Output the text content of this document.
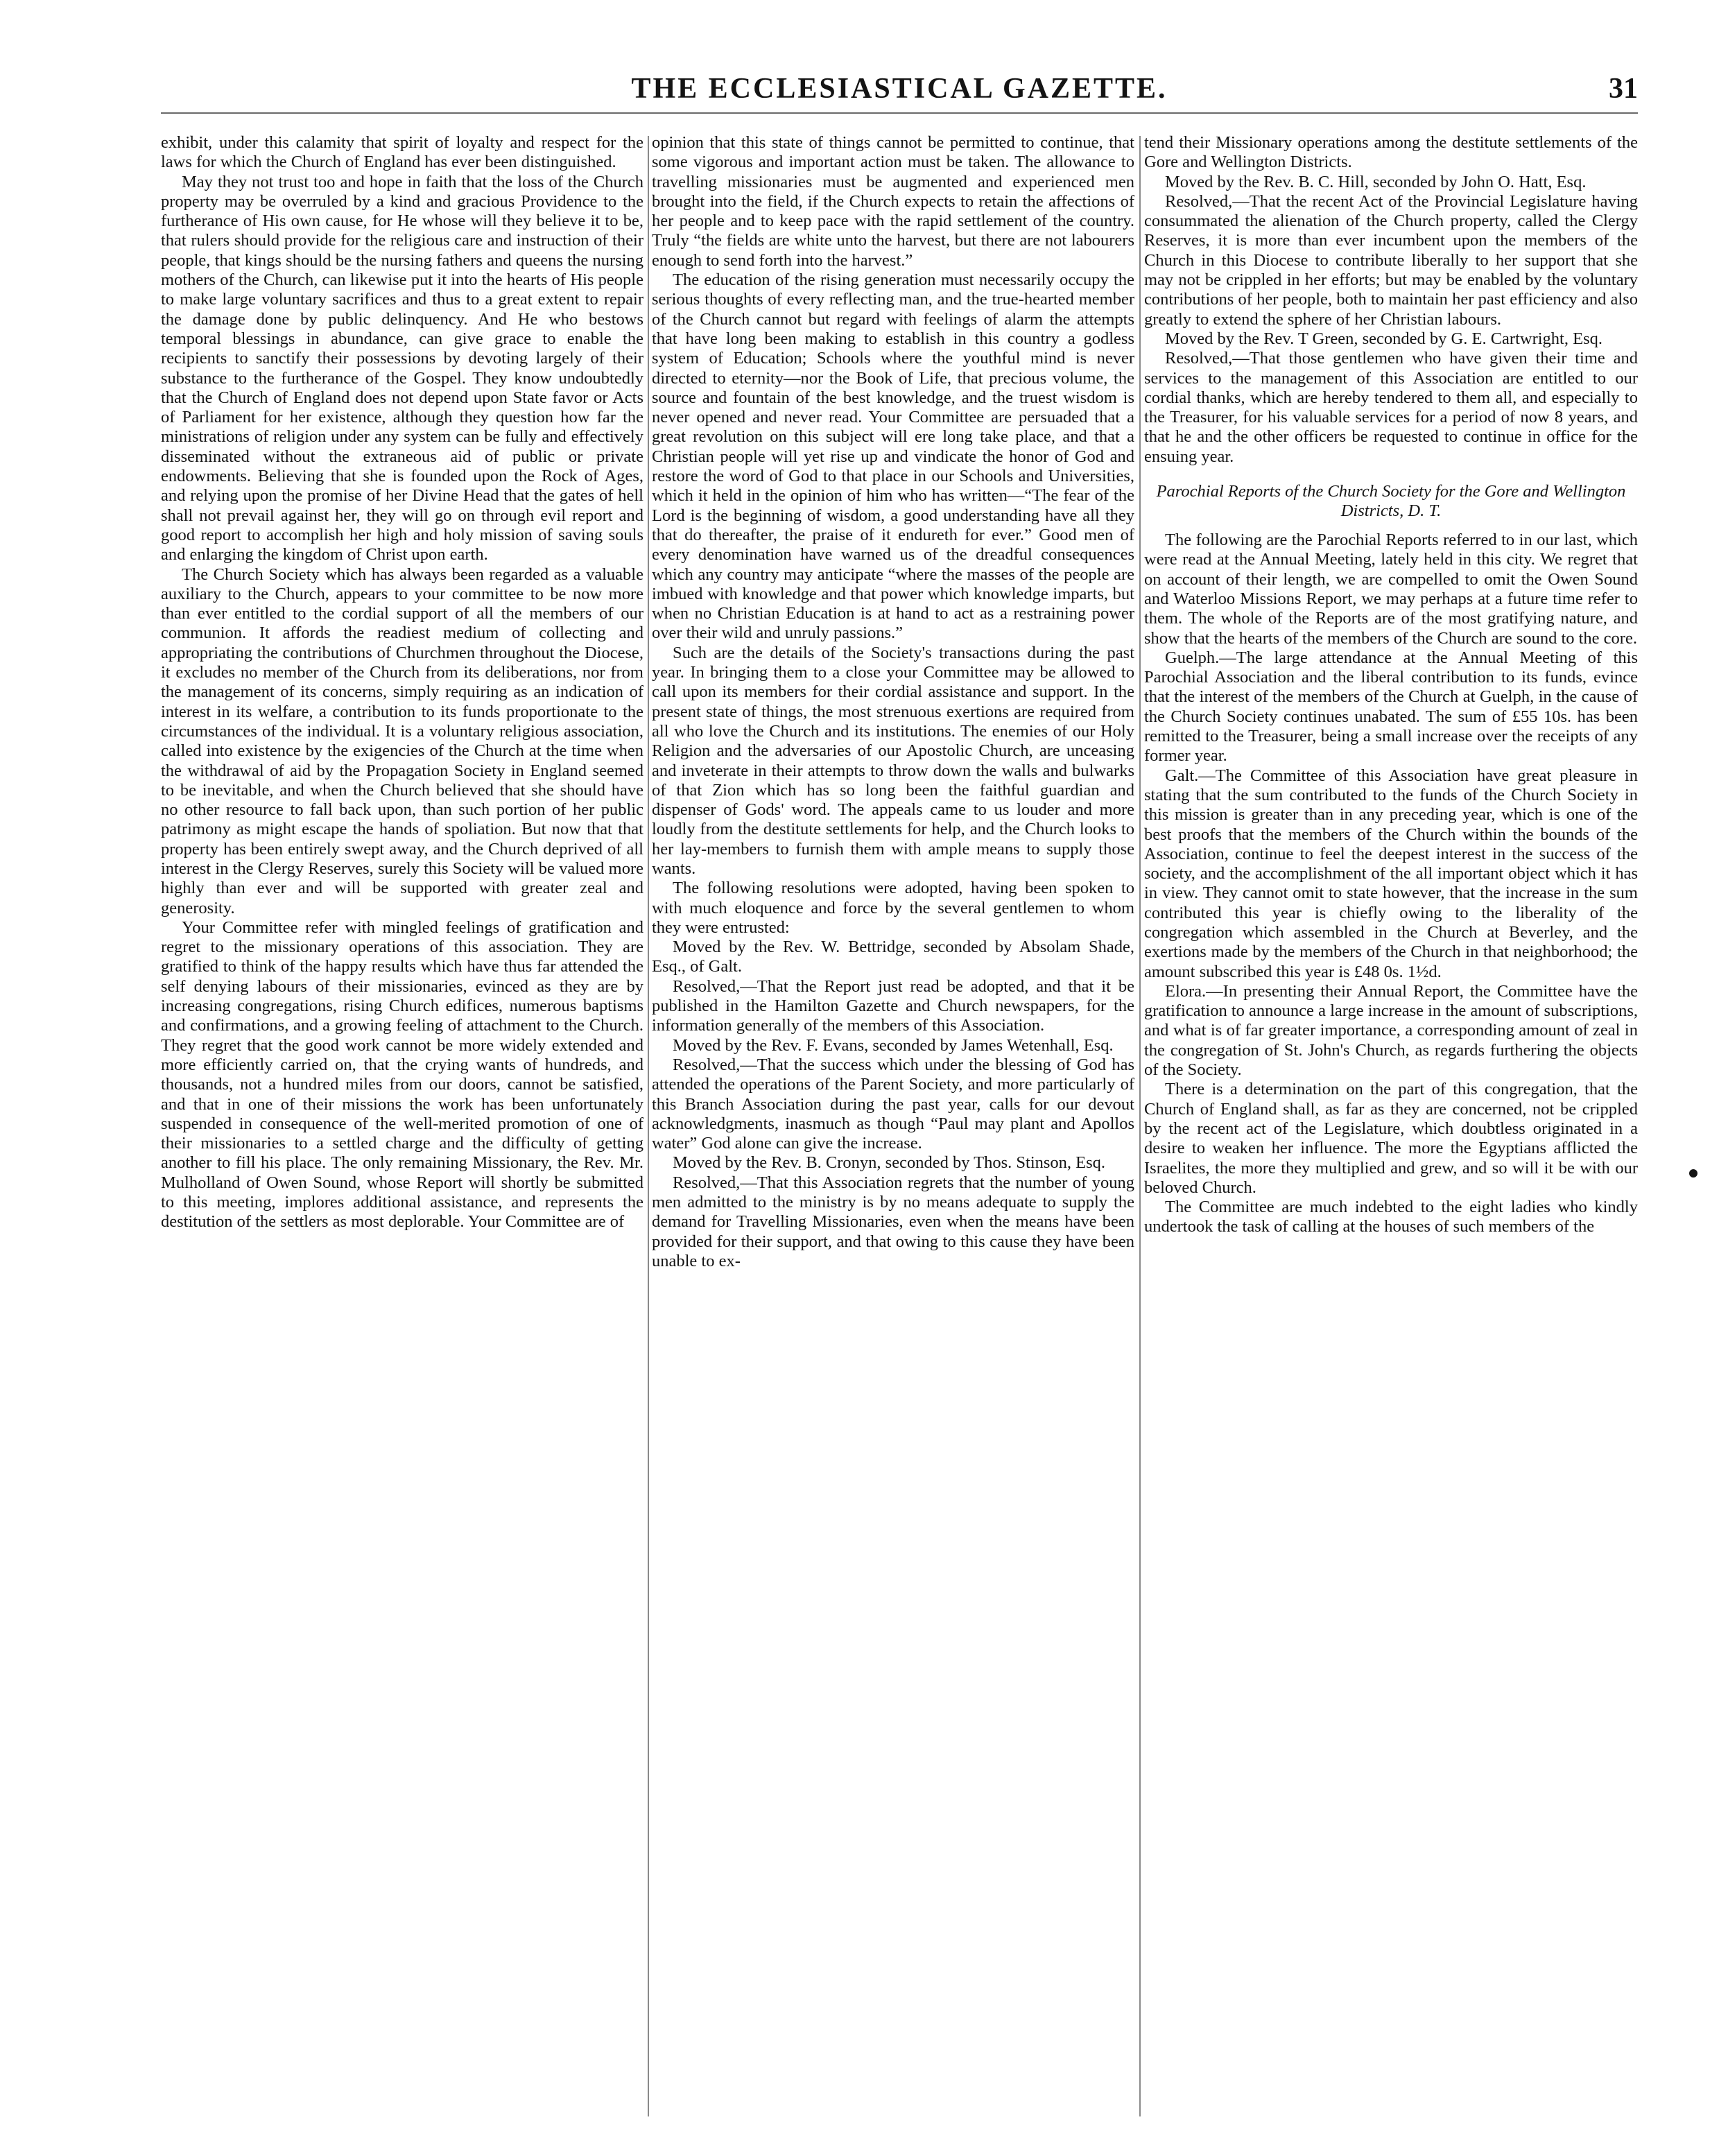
THE ECCLESIASTICAL GAZETTE.	31

exhibit, under this calamity that spirit of loyalty and respect for the laws for which the Church of England has ever been distinguished.

May they not trust too and hope in faith that the loss of the Church property may be overruled by a kind and gracious Providence to the furtherance of His own cause, for He whose will they believe it to be, that rulers should provide for the religious care and instruction of their people, that kings should be the nursing fathers and queens the nursing mothers of the Church, can likewise put it into the hearts of His people to make large voluntary sacrifices and thus to a great extent to repair the damage done by public delinquency. And He who bestows temporal blessings in abundance, can give grace to enable the recipients to sanctify their possessions by devoting largely of their substance to the furtherance of the Gospel. They know undoubtedly that the Church of England does not depend upon State favor or Acts of Parliament for her existence, although they question how far the ministrations of religion under any system can be fully and effectively disseminated without the extraneous aid of public or private endowments. Believing that she is founded upon the Rock of Ages, and relying upon the promise of her Divine Head that the gates of hell shall not prevail against her, they will go on through evil report and good report to accomplish her high and holy mission of saving souls and enlarging the kingdom of Christ upon earth.

The Church Society which has always been regarded as a valuable auxiliary to the Church, appears to your committee to be now more than ever entitled to the cordial support of all the members of our communion. It affords the readiest medium of collecting and appropriating the contributions of Churchmen throughout the Diocese, it excludes no member of the Church from its deliberations, nor from the management of its concerns, simply requiring as an indication of interest in its welfare, a contribution to its funds proportionate to the circumstances of the individual. It is a voluntary religious association, called into existence by the exigencies of the Church at the time when the withdrawal of aid by the Propagation Society in England seemed to be inevitable, and when the Church believed that she should have no other resource to fall back upon, than such portion of her public patrimony as might escape the hands of spoliation. But now that that property has been entirely swept away, and the Church deprived of all interest in the Clergy Reserves, surely this Society will be valued more highly than ever and will be supported with greater zeal and generosity.

Your Committee refer with mingled feelings of gratification and regret to the missionary operations of this association. They are gratified to think of the happy results which have thus far attended the self denying labours of their missionaries, evinced as they are by increasing congregations, rising Church edifices, numerous baptisms and confirmations, and a growing feeling of attachment to the Church. They regret that the good work cannot be more widely extended and more efficiently carried on, that the crying wants of hundreds, and thousands, not a hundred miles from our doors, cannot be satisfied, and that in one of their missions the work has been unfortunately suspended in consequence of the well-merited promotion of one of their missionaries to a settled charge and the difficulty of getting another to fill his place. The only remaining Missionary, the Rev. Mr. Mulholland of Owen Sound, whose Report will shortly be submitted to this meeting, implores additional assistance, and represents the destitution of the settlers as most deplorable. Your Committee are of

opinion that this state of things cannot be permitted to continue, that some vigorous and important action must be taken. The allowance to travelling missionaries must be augmented and experienced men brought into the field, if the Church expects to retain the affections of her people and to keep pace with the rapid settlement of the country. Truly “the fields are white unto the harvest, but there are not labourers enough to send forth into the harvest.”

The education of the rising generation must necessarily occupy the serious thoughts of every reflecting man, and the true-hearted member of the Church cannot but regard with feelings of alarm the attempts that have long been making to establish in this country a godless system of Education; Schools where the youthful mind is never directed to eternity—nor the Book of Life, that precious volume, the source and fountain of the best knowledge, and the truest wisdom is never opened and never read. Your Committee are persuaded that a great revolution on this subject will ere long take place, and that a Christian people will yet rise up and vindicate the honor of God and restore the word of God to that place in our Schools and Universities, which it held in the opinion of him who has written—“The fear of the Lord is the beginning of wisdom, a good understanding have all they that do thereafter, the praise of it endureth for ever.” Good men of every denomination have warned us of the dreadful consequences which any country may anticipate “where the masses of the people are imbued with knowledge and that power which knowledge imparts, but when no Christian Education is at hand to act as a restraining power over their wild and unruly passions.”

Such are the details of the Society's transactions during the past year. In bringing them to a close your Committee may be allowed to call upon its members for their cordial assistance and support. In the present state of things, the most strenuous exertions are required from all who love the Church and its institutions. The enemies of our Holy Religion and the adversaries of our Apostolic Church, are unceasing and inveterate in their attempts to throw down the walls and bulwarks of that Zion which has so long been the faithful guardian and dispenser of Gods' word. The appeals came to us louder and more loudly from the destitute settlements for help, and the Church looks to her lay-members to furnish them with ample means to supply those wants.

The following resolutions were adopted, having been spoken to with much eloquence and force by the several gentlemen to whom they were entrusted:

Moved by the Rev. W. Bettridge, seconded by Absolam Shade, Esq., of Galt.

Resolved,—That the Report just read be adopted, and that it be published in the Hamilton Gazette and Church newspapers, for the information generally of the members of this Association.

Moved by the Rev. F. Evans, seconded by James Wetenhall, Esq.

Resolved,—That the success which under the blessing of God has attended the operations of the Parent Society, and more particularly of this Branch Association during the past year, calls for our devout acknowledgments, inasmuch as though “Paul may plant and Apollos water” God alone can give the increase.

Moved by the Rev. B. Cronyn, seconded by Thos. Stinson, Esq.

Resolved,—That this Association regrets that the number of young men admitted to the ministry is by no means adequate to supply the demand for Travelling Missionaries, even when the means have been provided for their support, and that owing to this cause they have been unable to ex-

tend their Missionary operations among the destitute settlements of the Gore and Wellington Districts.

Moved by the Rev. B. C. Hill, seconded by John O. Hatt, Esq.

Resolved,—That the recent Act of the Provincial Legislature having consummated the alienation of the Church property, called the Clergy Reserves, it is more than ever incumbent upon the members of the Church in this Diocese to contribute liberally to her support that she may not be crippled in her efforts; but may be enabled by the voluntary contributions of her people, both to maintain her past efficiency and also greatly to extend the sphere of her Christian labours.

Moved by the Rev. T Green, seconded by G. E. Cartwright, Esq.

Resolved,—That those gentlemen who have given their time and services to the management of this Association are entitled to our cordial thanks, which are hereby tendered to them all, and especially to the Treasurer, for his valuable services for a period of now 8 years, and that he and the other officers be requested to continue in office for the ensuing year.

Parochial Reports of the Church Society for the Gore and Wellington Districts, D. T.

The following are the Parochial Reports referred to in our last, which were read at the Annual Meeting, lately held in this city. We regret that on account of their length, we are compelled to omit the Owen Sound and Waterloo Missions Report, we may perhaps at a future time refer to them. The whole of the Reports are of the most gratifying nature, and show that the hearts of the members of the Church are sound to the core.

Guelph.—The large attendance at the Annual Meeting of this Parochial Association and the liberal contribution to its funds, evince that the interest of the members of the Church at Guelph, in the cause of the Church Society continues unabated. The sum of £55 10s. has been remitted to the Treasurer, being a small increase over the receipts of any former year.

Galt.—The Committee of this Association have great pleasure in stating that the sum contributed to the funds of the Church Society in this mission is greater than in any preceding year, which is one of the best proofs that the members of the Church within the bounds of the Association, continue to feel the deepest interest in the success of the society, and the accomplishment of the all important object which it has in view. They cannot omit to state however, that the increase in the sum contributed this year is chiefly owing to the liberality of the congregation which assembled in the Church at Beverley, and the exertions made by the members of the Church in that neighborhood; the amount subscribed this year is £48 0s. 1½d.

Elora.—In presenting their Annual Report, the Committee have the gratification to announce a large increase in the amount of subscriptions, and what is of far greater importance, a corresponding amount of zeal in the congregation of St. John's Church, as regards furthering the objects of the Society.

There is a determination on the part of this congregation, that the Church of England shall, as far as they are concerned, not be crippled by the recent act of the Legislature, which doubtless originated in a desire to weaken her influence. The more the Egyptians afflicted the Israelites, the more they multiplied and grew, and so will it be with our beloved Church.

The Committee are much indebted to the eight ladies who kindly undertook the task of calling at the houses of such members of the
